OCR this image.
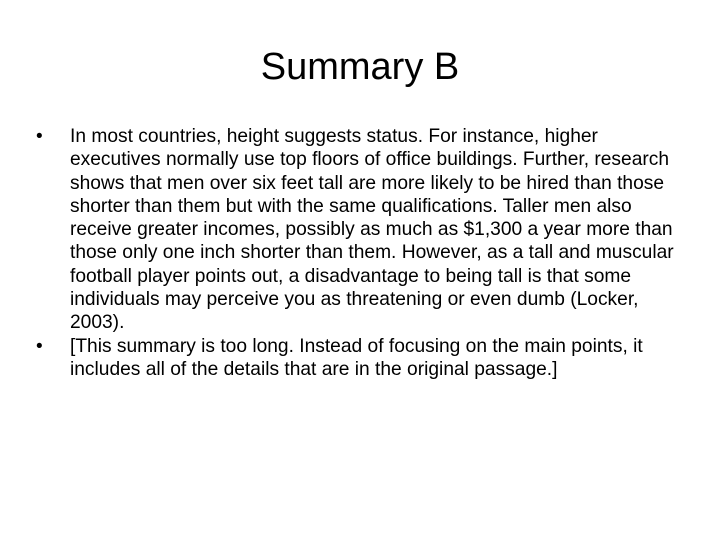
Summary B
•	In most countries, height suggests status. For instance, higher executives normally use top floors of office buildings. Further, research shows that men over six feet tall are more likely to be hired than those shorter than them but with the same qualifications. Taller men also receive greater incomes, possibly as much as $1,300 a year more than those only one inch shorter than them. However, as a tall and muscular football player points out, a disadvantage to being tall is that some individuals may perceive you as threatening or even dumb (Locker, 2003).
•	[This summary is too long. Instead of focusing on the main points, it includes all of the details that are in the original passage.]
